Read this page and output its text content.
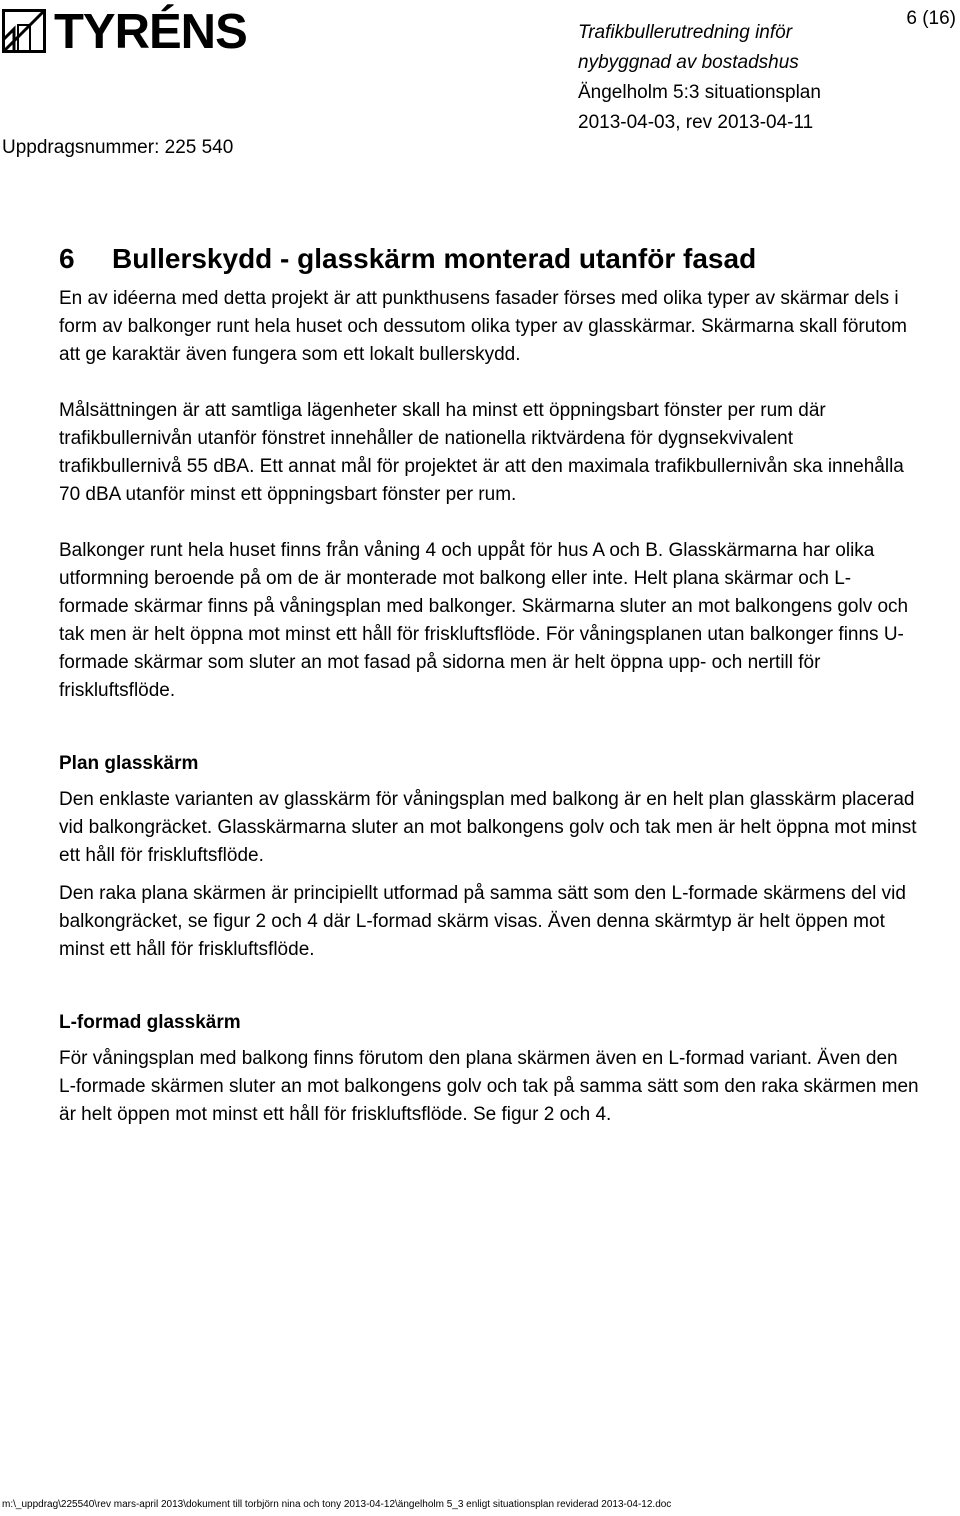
TYRÉNS	Trafikbullerutredning inför
nybyggnad av bostadshus
Ängelholm 5:3 situationsplan
2013-04-03, rev 2013-04-11
6 (16)
Uppdragsnummer: 225 540
6 Bullerskydd - glasskärm monterad utanför fasad

En av idéerna med detta projekt är att punkthusens fasader förses med olika typer av skärmar dels i form av balkonger runt hela huset och dessutom olika typer av glasskärmar. Skärmarna skall förutom att ge karaktär även fungera som ett lokalt bullerskydd.

Målsättningen är att samtliga lägenheter skall ha minst ett öppningsbart fönster per rum där trafikbullernivån utanför fönstret innehåller de nationella riktvärdena för dygnsekvivalent trafikbullernivå 55 dBA. Ett annat mål för projektet är att den maximala trafikbullernivån ska innehålla 70 dBA utanför minst ett öppningsbart fönster per rum.

Balkonger runt hela huset finns från våning 4 och uppåt för hus A och B. Glasskärmarna har olika utformning beroende på om de är monterade mot balkong eller inte. Helt plana skärmar och L-formade skärmar finns på våningsplan med balkonger. Skärmarna sluter an mot balkongens golv och tak men är helt öppna mot minst ett håll för friskluftsflöde. För våningsplanen utan balkonger finns U-formade skärmar som sluter an mot fasad på sidorna men är helt öppna upp- och nertill för friskluftsflöde.

Plan glasskärm

Den enklaste varianten av glasskärm för våningsplan med balkong är en helt plan glasskärm placerad vid balkongräcket. Glasskärmarna sluter an mot balkongens golv och tak men är helt öppna mot minst ett håll för friskluftsflöde.

Den raka plana skärmen är principiellt utformad på samma sätt som den L-formade skärmens del vid balkongräcket, se figur 2 och 4 där L-formad skärm visas. Även denna skärmtyp är helt öppen mot minst ett håll för friskluftsflöde.

L-formad glasskärm

För våningsplan med balkong finns förutom den plana skärmen även en L-formad variant. Även den L-formade skärmen sluter an mot balkongens golv och tak på samma sätt som den raka skärmen men är helt öppen mot minst ett håll för friskluftsflöde. Se figur 2 och 4.

m:\_uppdrag\225540\rev mars-april 2013\dokument till torbjörn nina och tony 2013-04-12\ängelholm 5_3 enligt situationsplan reviderad 2013-04-12.doc
